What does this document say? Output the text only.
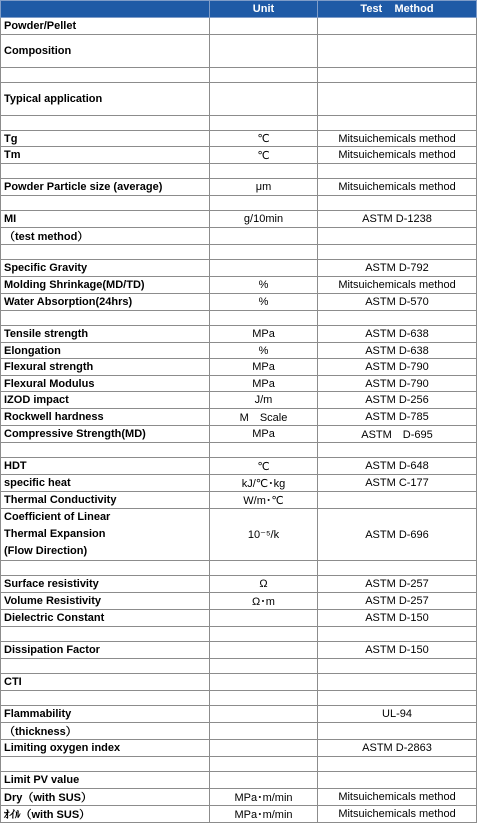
	Unit	Test    Method
Powder/Pellet		
Composition		

Typical application		

Tg	℃	Mitsuichemicals method
Tm	℃	Mitsuichemicals method

Powder Particle size (average)	μm	Mitsuichemicals method

MI	g/10min	ASTM D-1238
（test method）		

Specific Gravity		ASTM D-792
Molding Shrinkage(MD/TD)	%	Mitsuichemicals method
Water Absorption(24hrs)	%	ASTM D-570

Tensile strength	MPa	ASTM D-638
Elongation	%	ASTM D-638
Flexural strength	MPa	ASTM D-790
Flexural Modulus	MPa	ASTM D-790
IZOD impact	J/m	ASTM D-256
Rockwell hardness	M　Scale	ASTM D-785
Compressive Strength(MD)	MPa	ASTM　D-695

HDT	℃	ASTM D-648
specific heat	kJ/℃･kg	ASTM C-177
Thermal Conductivity	W/m･℃	
Coefficient of Linear
Thermal Expansion
(Flow Direction)	10⁻⁵/k	ASTM D-696

Surface resistivity	Ω	ASTM D-257
Volume Resistivity	Ω･m	ASTM D-257
Dielectric Constant		ASTM D-150

Dissipation Factor		ASTM D-150

CTI		

Flammability		UL-94
（thickness）		
Limiting oxygen index		ASTM D-2863

Limit PV value		
Dry（with SUS）	MPa･m/min	Mitsuichemicals method
ｵｲﾙ（with SUS）	MPa･m/min	Mitsuichemicals method
